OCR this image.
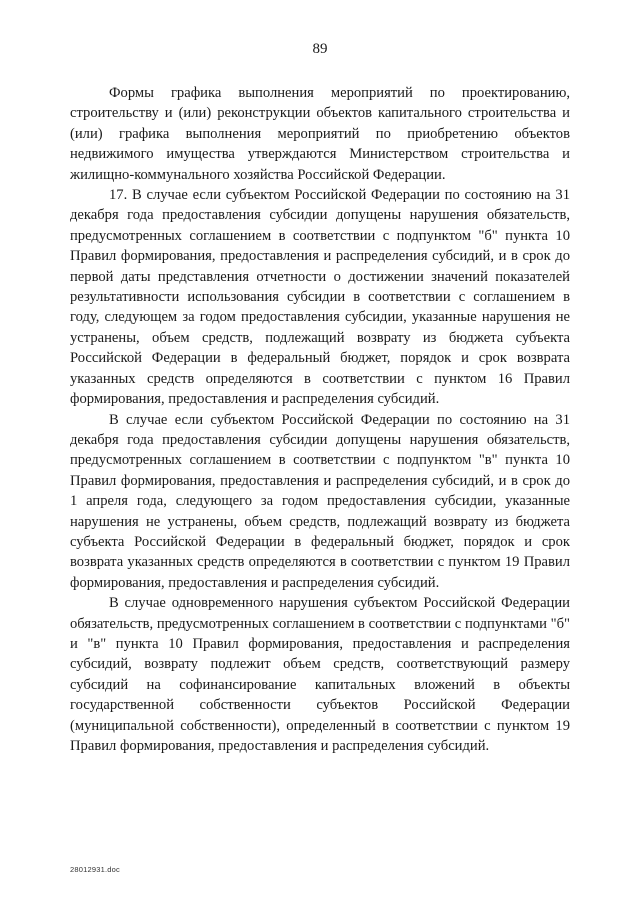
89

Формы графика выполнения мероприятий по проектированию, строительству и (или) реконструкции объектов капитального строительства и (или) графика выполнения мероприятий по приобретению объектов недвижимого имущества утверждаются Министерством строительства и жилищно-коммунального хозяйства Российской Федерации.

17. В случае если субъектом Российской Федерации по состоянию на 31 декабря года предоставления субсидии допущены нарушения обязательств, предусмотренных соглашением в соответствии с подпунктом "б" пункта 10 Правил формирования, предоставления и распределения субсидий, и в срок до первой даты представления отчетности о достижении значений показателей результативности использования субсидии в соответствии с соглашением в году, следующем за годом предоставления субсидии, указанные нарушения не устранены, объем средств, подлежащий возврату из бюджета субъекта Российской Федерации в федеральный бюджет, порядок и срок возврата указанных средств определяются в соответствии с пунктом 16 Правил формирования, предоставления и распределения субсидий.

В случае если субъектом Российской Федерации по состоянию на 31 декабря года предоставления субсидии допущены нарушения обязательств, предусмотренных соглашением в соответствии с подпунктом "в" пункта 10 Правил формирования, предоставления и распределения субсидий, и в срок до 1 апреля года, следующего за годом предоставления субсидии, указанные нарушения не устранены, объем средств, подлежащий возврату из бюджета субъекта Российской Федерации в федеральный бюджет, порядок и срок возврата указанных средств определяются в соответствии с пунктом 19 Правил формирования, предоставления и распределения субсидий.

В случае одновременного нарушения субъектом Российской Федерации обязательств, предусмотренных соглашением в соответствии с подпунктами "б" и "в" пункта 10 Правил формирования, предоставления и распределения субсидий, возврату подлежит объем средств, соответствующий размеру субсидий на софинансирование капитальных вложений в объекты государственной собственности субъектов Российской Федерации (муниципальной собственности), определенный в соответствии с пунктом 19 Правил формирования, предоставления и распределения субсидий.

28012931.doc
